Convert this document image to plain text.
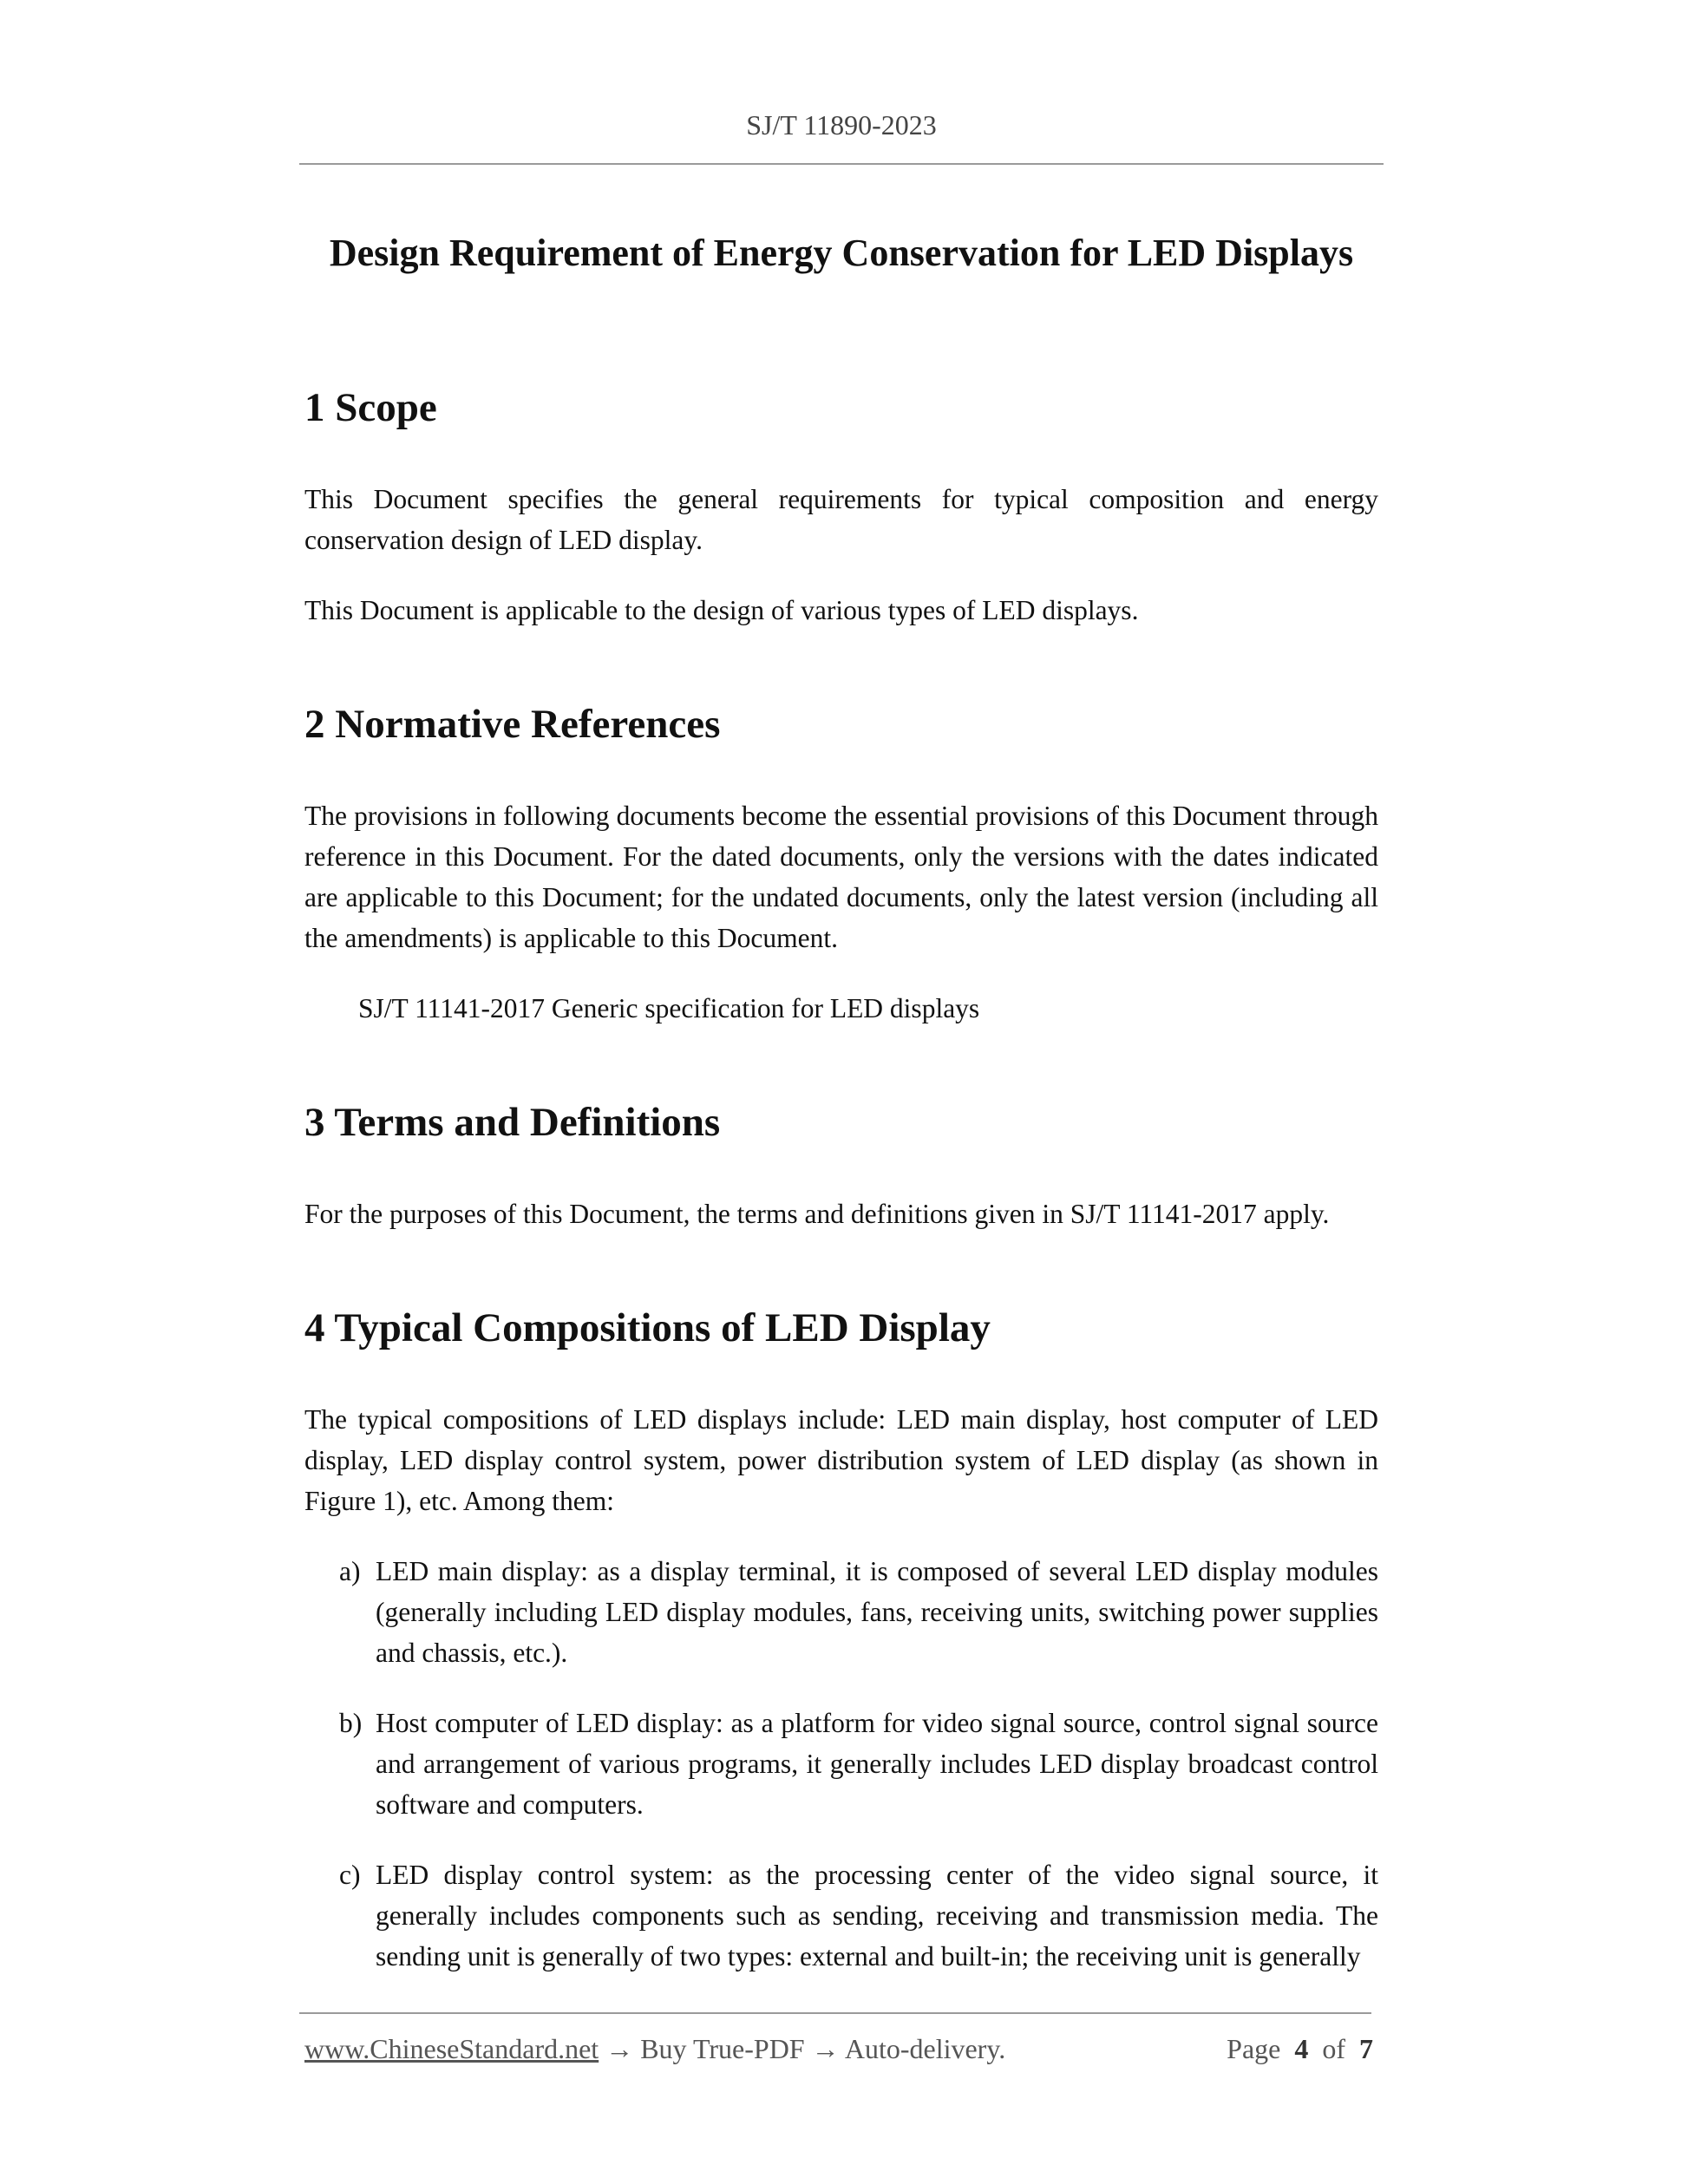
SJ/T 11890-2023
Design Requirement of Energy Conservation for LED Displays
1 Scope

This Document specifies the general requirements for typical composition and energy conservation design of LED display.

This Document is applicable to the design of various types of LED displays.

2 Normative References

The provisions in following documents become the essential provisions of this Document through reference in this Document. For the dated documents, only the versions with the dates indicated are applicable to this Document; for the undated documents, only the latest version (including all the amendments) is applicable to this Document.

SJ/T 11141-2017 Generic specification for LED displays
3 Terms and Definitions

For the purposes of this Document, the terms and definitions given in SJ/T 11141-2017 apply.

4 Typical Compositions of LED Display

The typical compositions of LED displays include: LED main display, host computer of LED display, LED display control system, power distribution system of LED display (as shown in Figure 1), etc. Among them:

a) LED main display: as a display terminal, it is composed of several LED display modules (generally including LED display modules, fans, receiving units, switching power supplies and chassis, etc.).
b) Host computer of LED display: as a platform for video signal source, control signal source and arrangement of various programs, it generally includes LED display broadcast control software and computers.
c) LED display control system: as the processing center of the video signal source, it generally includes components such as sending, receiving and transmission media. The sending unit is generally of two types: external and built-in; the receiving unit is generally
www.ChineseStandard.net → Buy True-PDF → Auto-delivery.	Page 4 of 7
